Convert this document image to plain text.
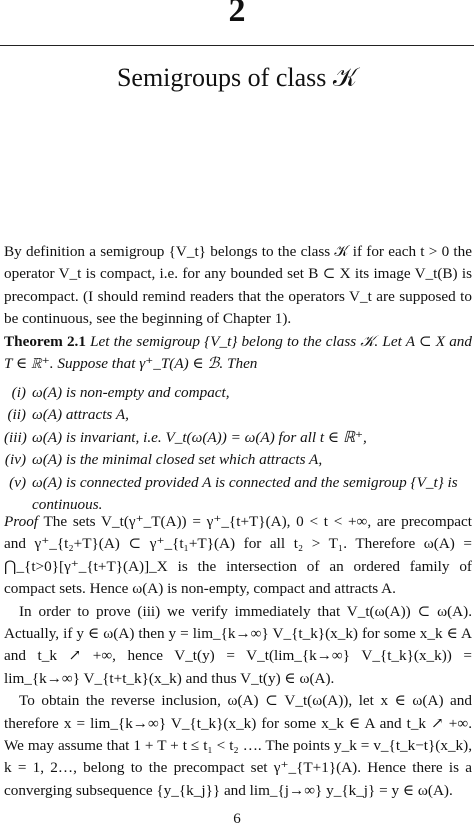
2
Semigroups of class 𝒦

By definition a semigroup {V_t} belongs to the class 𝒦 if for each t > 0 the operator V_t is compact, i.e. for any bounded set B ⊂ X its image V_t(B) is precompact. (I should remind readers that the operators V_t are supposed to be continuous, see the beginning of Chapter 1).

Theorem 2.1 Let the semigroup {V_t} belong to the class 𝒦. Let A ⊂ X and T ∈ ℝ⁺. Suppose that γ⁺_T(A) ∈ ℬ. Then

(i) ω(A) is non-empty and compact,
(ii) ω(A) attracts A,
(iii) ω(A) is invariant, i.e. V_t(ω(A)) = ω(A) for all t ∈ ℝ⁺,
(iv) ω(A) is the minimal closed set which attracts A,
(v) ω(A) is connected provided A is connected and the semigroup {V_t} is continuous.

Proof The sets V_t(γ⁺_T(A)) = γ⁺_{t+T}(A), 0 < t < +∞, are precompact and γ⁺_{t₂+T}(A) ⊂ γ⁺_{t₁+T}(A) for all t₂ > T₁. Therefore ω(A) = ⋂_{t>0}[γ⁺_{t+T}(A)]_X is the intersection of an ordered family of compact sets. Hence ω(A) is non-empty, compact and attracts A.

In order to prove (iii) we verify immediately that V_t(ω(A)) ⊂ ω(A). Actually, if y ∈ ω(A) then y = lim_{k→∞} V_{t_k}(x_k) for some x_k ∈ A and t_k ↗ +∞, hence V_t(y) = V_t(lim_{k→∞} V_{t_k}(x_k)) = lim_{k→∞} V_{t+t_k}(x_k) and thus V_t(y) ∈ ω(A).

To obtain the reverse inclusion, ω(A) ⊂ V_t(ω(A)), let x ∈ ω(A) and therefore x = lim_{k→∞} V_{t_k}(x_k) for some x_k ∈ A and t_k ↗ +∞. We may assume that 1 + T + t ≤ t₁ < t₂ …. The points y_k = v_{t_k−t}(x_k), k = 1, 2…, belong to the precompact set γ⁺_{T+1}(A). Hence there is a converging subsequence {y_{k_j}} and lim_{j→∞} y_{k_j} = y ∈ ω(A).

6
